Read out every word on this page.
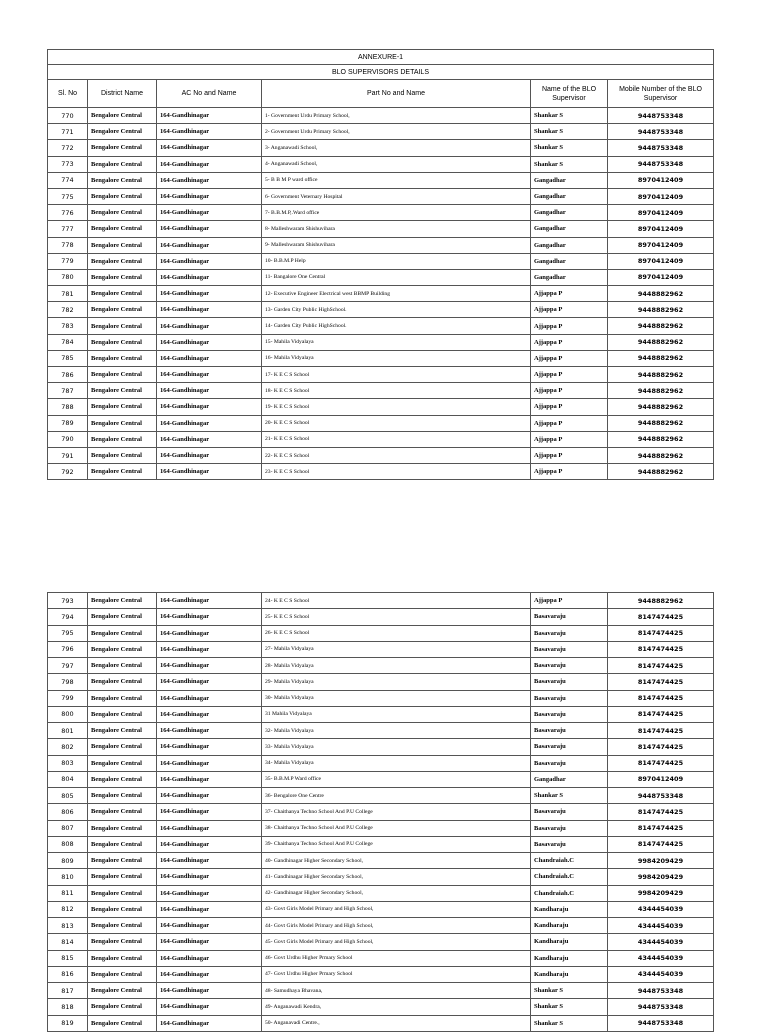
ANNEXURE-1					
BLO SUPERVISORS DETAILS					
Sl. No	District Name	AC No and Name	Part No and Name	Name of the BLO Supervisor	Mobile Number of the BLO Supervisor
770	Bengalore Central	164-Gandhinagar	1- Government Urdu Primary School,	Shankar S	9448753348
771	Bengalore Central	164-Gandhinagar	2- Government Urdu Primary School,	Shankar S	9448753348
772	Bengalore Central	164-Gandhinagar	3- Anganawadi School,	Shankar S	9448753348
773	Bengalore Central	164-Gandhinagar	4- Anganawadi School,	Shankar S	9448753348
774	Bengalore Central	164-Gandhinagar	5- B B M P ward office	Gangadhar	8970412409
775	Bengalore Central	164-Gandhinagar	6- Government Veternary Hospital	Gangadhar	8970412409
776	Bengalore Central	164-Gandhinagar	7- B.B.M.P,.Ward office	Gangadhar	8970412409
777	Bengalore Central	164-Gandhinagar	8- Malleshwaram Shishuvihara	Gangadhar	8970412409
778	Bengalore Central	164-Gandhinagar	9- Malleshwaram Shishuvihara	Gangadhar	8970412409
779	Bengalore Central	164-Gandhinagar	10- B.B.M.P Help	Gangadhar	8970412409
780	Bengalore Central	164-Gandhinagar	11- Bangalore One Central	Gangadhar	8970412409
781	Bengalore Central	164-Gandhinagar	12- Executive Engineer Electrical west BBMP Building	Ajjappa P	9448882962
782	Bengalore Central	164-Gandhinagar	13- Garden City Public HighSchool.	Ajjappa P	9448882962
783	Bengalore Central	164-Gandhinagar	14- Garden City Public HighSchool.	Ajjappa P	9448882962
784	Bengalore Central	164-Gandhinagar	15- Mahila Vidyalaya	Ajjappa P	9448882962
785	Bengalore Central	164-Gandhinagar	16- Mahila Vidyalaya	Ajjappa P	9448882962
786	Bengalore Central	164-Gandhinagar	17- K E C S School	Ajjappa P	9448882962
787	Bengalore Central	164-Gandhinagar	18- K E C S School	Ajjappa P	9448882962
788	Bengalore Central	164-Gandhinagar	19- K E C S School	Ajjappa P	9448882962
789	Bengalore Central	164-Gandhinagar	20- K E C S School	Ajjappa P	9448882962
790	Bengalore Central	164-Gandhinagar	21- K E C S School	Ajjappa P	9448882962
791	Bengalore Central	164-Gandhinagar	22- K E C S School	Ajjappa P	9448882962
792	Bengalore Central	164-Gandhinagar	23- K E C S School	Ajjappa P	9448882962
793	Bengalore Central	164-Gandhinagar	24- K E C S School	Ajjappa P	9448882962
794	Bengalore Central	164-Gandhinagar	25- K E C S School	Basavaraju	8147474425
795	Bengalore Central	164-Gandhinagar	26- K E C S School	Basavaraju	8147474425
796	Bengalore Central	164-Gandhinagar	27- Mahila Vidyalaya	Basavaraju	8147474425
797	Bengalore Central	164-Gandhinagar	28- Mahila Vidyalaya	Basavaraju	8147474425
798	Bengalore Central	164-Gandhinagar	29- Mahila Vidyalaya	Basavaraju	8147474425
799	Bengalore Central	164-Gandhinagar	30- Mahila Vidyalaya	Basavaraju	8147474425
800	Bengalore Central	164-Gandhinagar	31 Mahila Vidyalaya	Basavaraju	8147474425
801	Bengalore Central	164-Gandhinagar	32- Mahila Vidyalaya	Basavaraju	8147474425
802	Bengalore Central	164-Gandhinagar	33- Mahila Vidyalaya	Basavaraju	8147474425
803	Bengalore Central	164-Gandhinagar	34- Mahila Vidyalaya	Basavaraju	8147474425
804	Bengalore Central	164-Gandhinagar	35- B.B.M.P Ward office	Gangadhar	8970412409
805	Bengalore Central	164-Gandhinagar	36- Bengalore One Centre	Shankar S	9448753348
806	Bengalore Central	164-Gandhinagar	37- Chaithanya Techno School And P.U College	Basavaraju	8147474425
807	Bengalore Central	164-Gandhinagar	38- Chaithanya Techno School And P.U College	Basavaraju	8147474425
808	Bengalore Central	164-Gandhinagar	39- Chaithanya Techno School And P.U College	Basavaraju	8147474425
809	Bengalore Central	164-Gandhinagar	40- Gandhinagar Higher Secondary School,	Chandraiah.C	9984209429
810	Bengalore Central	164-Gandhinagar	41- Gandhinagar Higher Secondary School,	Chandraiah.C	9984209429
811	Bengalore Central	164-Gandhinagar	42- Gandhinagar Higher Secondary School,	Chandraiah.C	9984209429
812	Bengalore Central	164-Gandhinagar	43- Govt Girls Model Primary and High School,	Kandharaju	4344454039
813	Bengalore Central	164-Gandhinagar	44- Govt Girls Model Primary and High School,	Kandharaju	4344454039
814	Bengalore Central	164-Gandhinagar	45- Govt Girls Model Primary and High School,	Kandharaju	4344454039
815	Bengalore Central	164-Gandhinagar	46- Govt Urdhu Higher Prmary School	Kandharaju	4344454039
816	Bengalore Central	164-Gandhinagar	47- Govt Urdhu Higher Prmary School	Kandharaju	4344454039
817	Bengalore Central	164-Gandhinagar	48- Samudhaya Bhavana,	Shankar S	9448753348
818	Bengalore Central	164-Gandhinagar	49- Anganawadi Kendra,	Shankar S	9448753348
819	Bengalore Central	164-Gandhinagar	50- Anganavadi Centre.,	Shankar S	9448753348
